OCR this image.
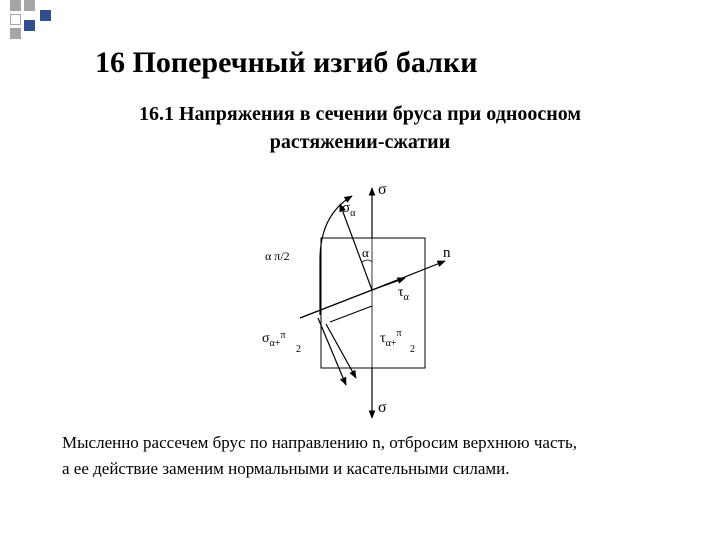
16 Поперечный изгиб балки
16.1 Напряжения в сечении бруса при одноосном
растяжении-сжатии
σ
$\sigma_\alpha$
α
α π/2	n
$\tau_\alpha$
$\sigma_{\alpha+}^\pi$
2
$\tau_{\alpha+}^\pi$
2
σ

Мысленно рассечем брус по направлению n, отбросим верхнюю часть,
а ее действие заменим нормальными и касательными силами.
